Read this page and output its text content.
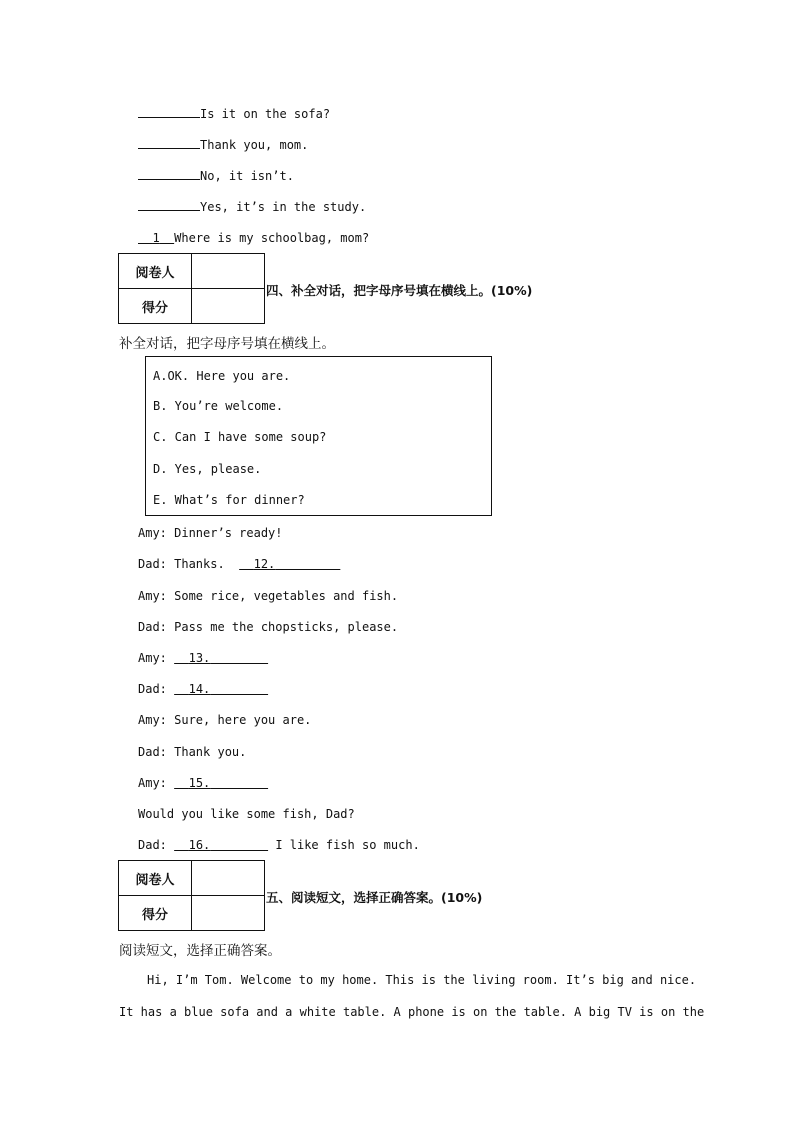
Is it on the sofa?
Thank you, mom.
No, it isn’t.
Yes, it’s in the study.
1 Where is my schoolbag, mom?
阅卷人	
得分	
四、补全对话，把字母序号填在横线上。(10%)
补全对话，把字母序号填在横线上。
A.OK. Here you are.
B. You’re welcome.
C. Can I have some soup?
D. Yes, please.
E. What’s for dinner?
Amy: Dinner’s ready!
Dad: Thanks. 12.
Amy: Some rice, vegetables and fish.
Dad: Pass me the chopsticks, please.
Amy: 13.
Dad: 14.
Amy: Sure, here you are.
Dad: Thank you.
Amy: 15.
Would you like some fish, Dad?
Dad: 16.	I like fish so much.
阅卷人	
得分	
五、阅读短文，选择正确答案。(10%)
阅读短文，选择正确答案。
Hi, I’m Tom. Welcome to my home. This is the living room. It’s big and nice.
It has a blue sofa and a white table. A phone is on the table. A big TV is on the
